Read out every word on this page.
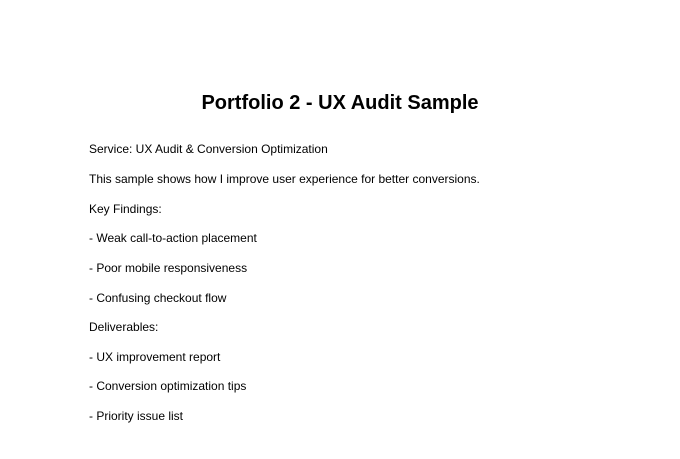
Portfolio 2 - UX Audit Sample

Service: UX Audit & Conversion Optimization

This sample shows how I improve user experience for better conversions.

Key Findings:

- Weak call-to-action placement

- Poor mobile responsiveness

- Confusing checkout flow

Deliverables:

- UX improvement report

- Conversion optimization tips

- Priority issue list
